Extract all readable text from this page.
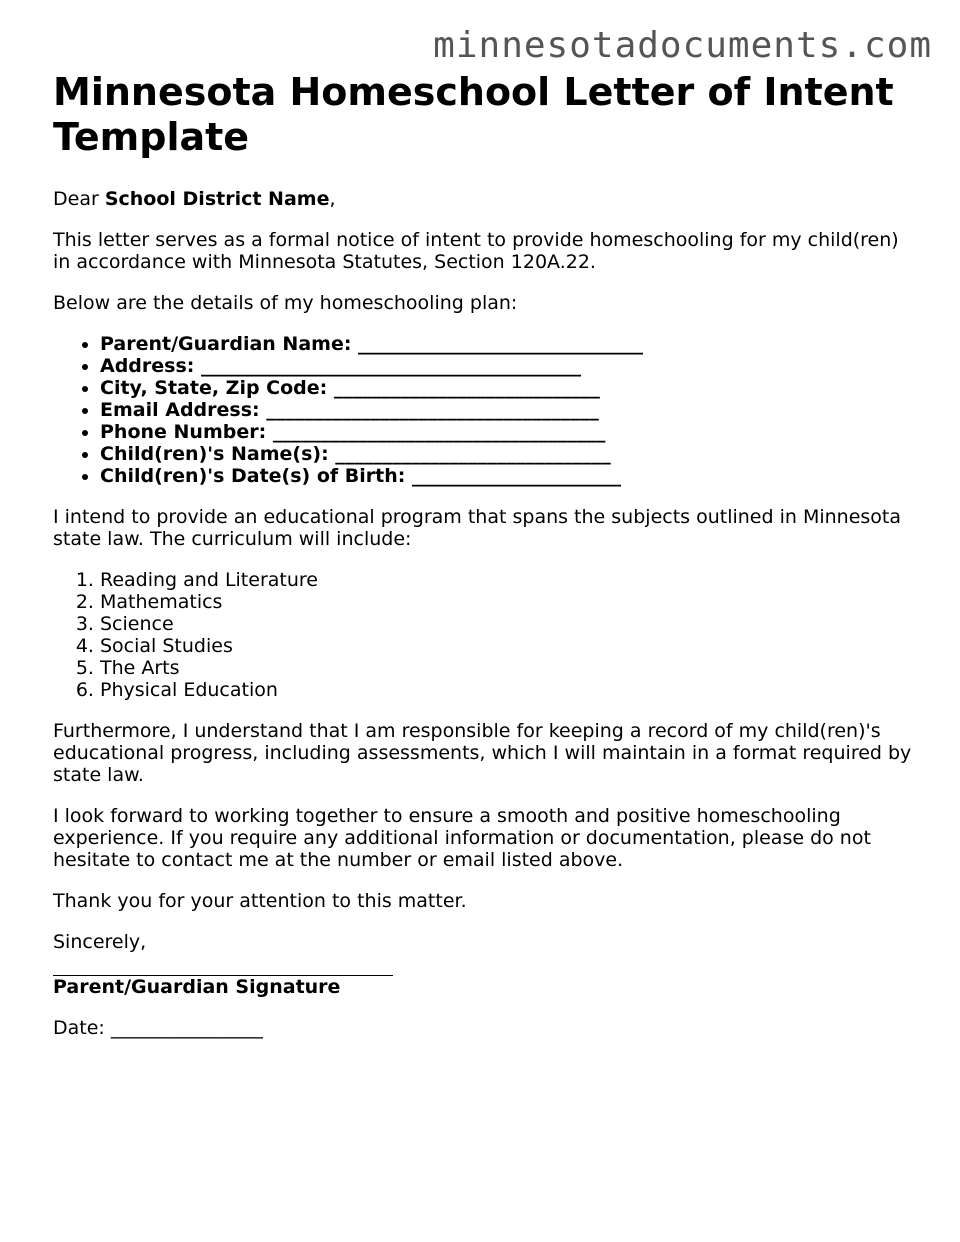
minnesotadocuments.com
Minnesota Homeschool Letter of Intent Template

Dear School District Name,

This letter serves as a formal notice of intent to provide homeschooling for my child(ren) in accordance with Minnesota Statutes, Section 120A.22.

Below are the details of my homeschooling plan:

• Parent/Guardian Name: ______________________________
• Address: ________________________________________
• City, State, Zip Code: ____________________________
• Email Address: ___________________________________
• Phone Number: ___________________________________
• Child(ren)'s Name(s): _____________________________
• Child(ren)'s Date(s) of Birth: ______________________

I intend to provide an educational program that spans the subjects outlined in Minnesota state law. The curriculum will include:

1. Reading and Literature
2. Mathematics
3. Science
4. Social Studies
5. The Arts
6. Physical Education

Furthermore, I understand that I am responsible for keeping a record of my child(ren)'s educational progress, including assessments, which I will maintain in a format required by state law.

I look forward to working together to ensure a smooth and positive homeschooling experience. If you require any additional information or documentation, please do not hesitate to contact me at the number or email listed above.

Thank you for your attention to this matter.

Sincerely,

Parent/Guardian Signature

Date: ________________
